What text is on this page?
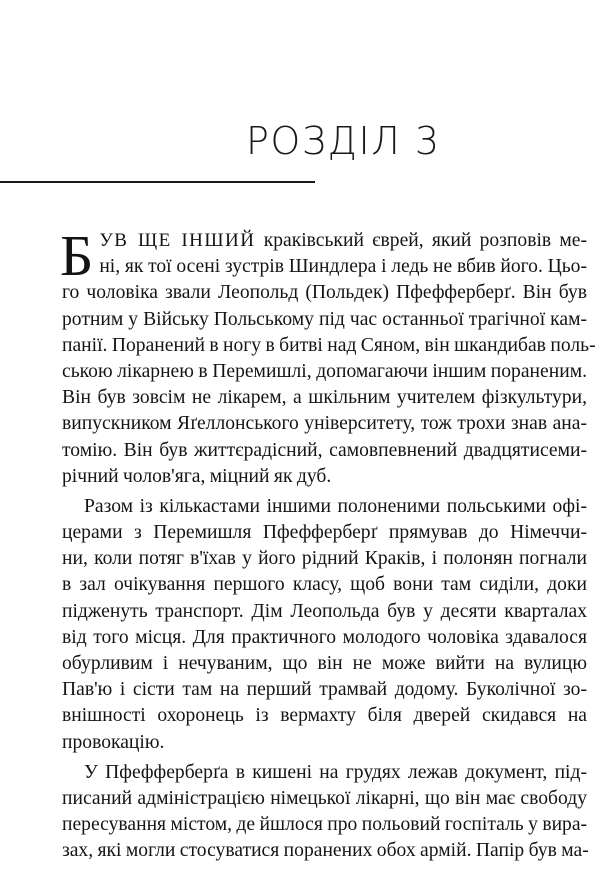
РОЗДІЛ 3
Б УВ ЩЕ ІНШИЙ краківський єврей, який розповів ме-
ні, як тої осені зустрів Шиндлера і ледь не вбив його. Цьо-
го чоловіка звали Леопольд (Польдек) Пфефферберґ. Він був
ротним у Війську Польському під час останньої трагічної кам-
панії. Поранений в ногу в битві над Сяном, він шкандибав поль-
ською лікарнею в Перемишлі, допомагаючи іншим пораненим.
Він був зовсім не лікарем, а шкільним учителем фізкультури,
випускником Яґеллонського університету, тож трохи знав ана-
томію. Він був життєрадісний, самовпевнений двадцятисеми-
річний чолов'яга, міцний як дуб.
Разом із кількастами іншими полоненими польськими офі-
церами з Перемишля Пфефферберґ прямував до Німеччи-
ни, коли потяг в'їхав у його рідний Краків, і полонян погнали
в зал очікування першого класу, щоб вони там сиділи, доки
підженуть транспорт. Дім Леопольда був у десяти кварталах
від того місця. Для практичного молодого чоловіка здавалося
обурливим і нечуваним, що він не може вийти на вулицю
Пав'ю і сісти там на перший трамвай додому. Буколічної зо-
внішності охоронець із вермахту біля дверей скидався на
провокацію.
У Пфефферберґа в кишені на грудях лежав документ, під-
писаний адміністрацією німецької лікарні, що він має свободу
пересування містом, де йшлося про польовий госпіталь у вира-
зах, які могли стосуватися поранених обох армій. Папір був ма-
